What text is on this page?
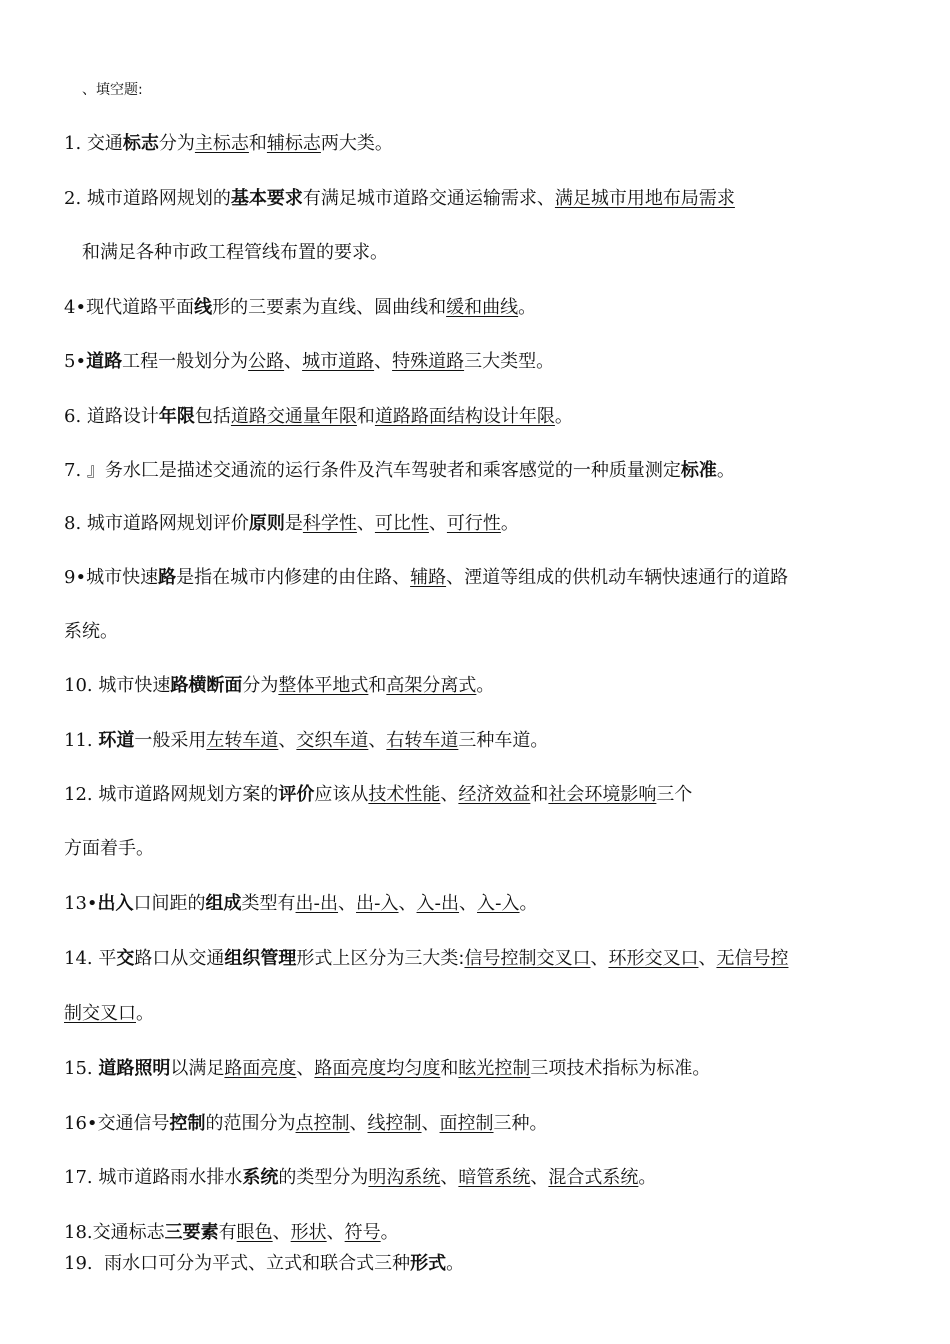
、填空题:
1. 交通标志分为主标志和辅标志两大类。
2. 城市道路网规划的基本要求有满足城市道路交通运输需求、满足城市用地布局需求
和满足各种市政工程管线布置的要求。
4•现代道路平面线形的三要素为直线、圆曲线和缓和曲线。
5•道路工程一般划分为公路、城市道路、特殊道路三大类型。
6. 道路设计年限包括道路交通量年限和道路路面结构设计年限。
7. 』务水匚是描述交通流的运行条件及汽车驾驶者和乘客感觉的一种质量测定标准。
8. 城市道路网规划评价原则是科学性、可比性、可行性。
9•城市快速路是指在城市内修建的由住路、辅路、湮道等组成的供机动车辆快速通行的道路
系统。
10. 城市快速路横断面分为整体平地式和高架分离式。
11. 环道一般采用左转车道、交织车道、右转车道三种车道。
12. 城市道路网规划方案的评价应该从技术性能、经济效益和社会环境影响三个
方面着手。
13•出入口间距的组成类型有出-出、出-入、入-出、入-入。
14. 平交路口从交通组织管理形式上区分为三大类:信号控制交叉口、环形交叉口、无信号控
制交叉口。
15. 道路照明以满足路面亮度、路面亮度均匀度和眩光控制三项技术指标为标准。
16•交通信号控制的范围分为点控制、线控制、面控制三种。
17. 城市道路雨水排水系统的类型分为明沟系统、暗管系统、混合式系统。
18.交通标志三要素有眼色、形状、符号。
19. 雨水口可分为平式、立式和联合式三种形式。
